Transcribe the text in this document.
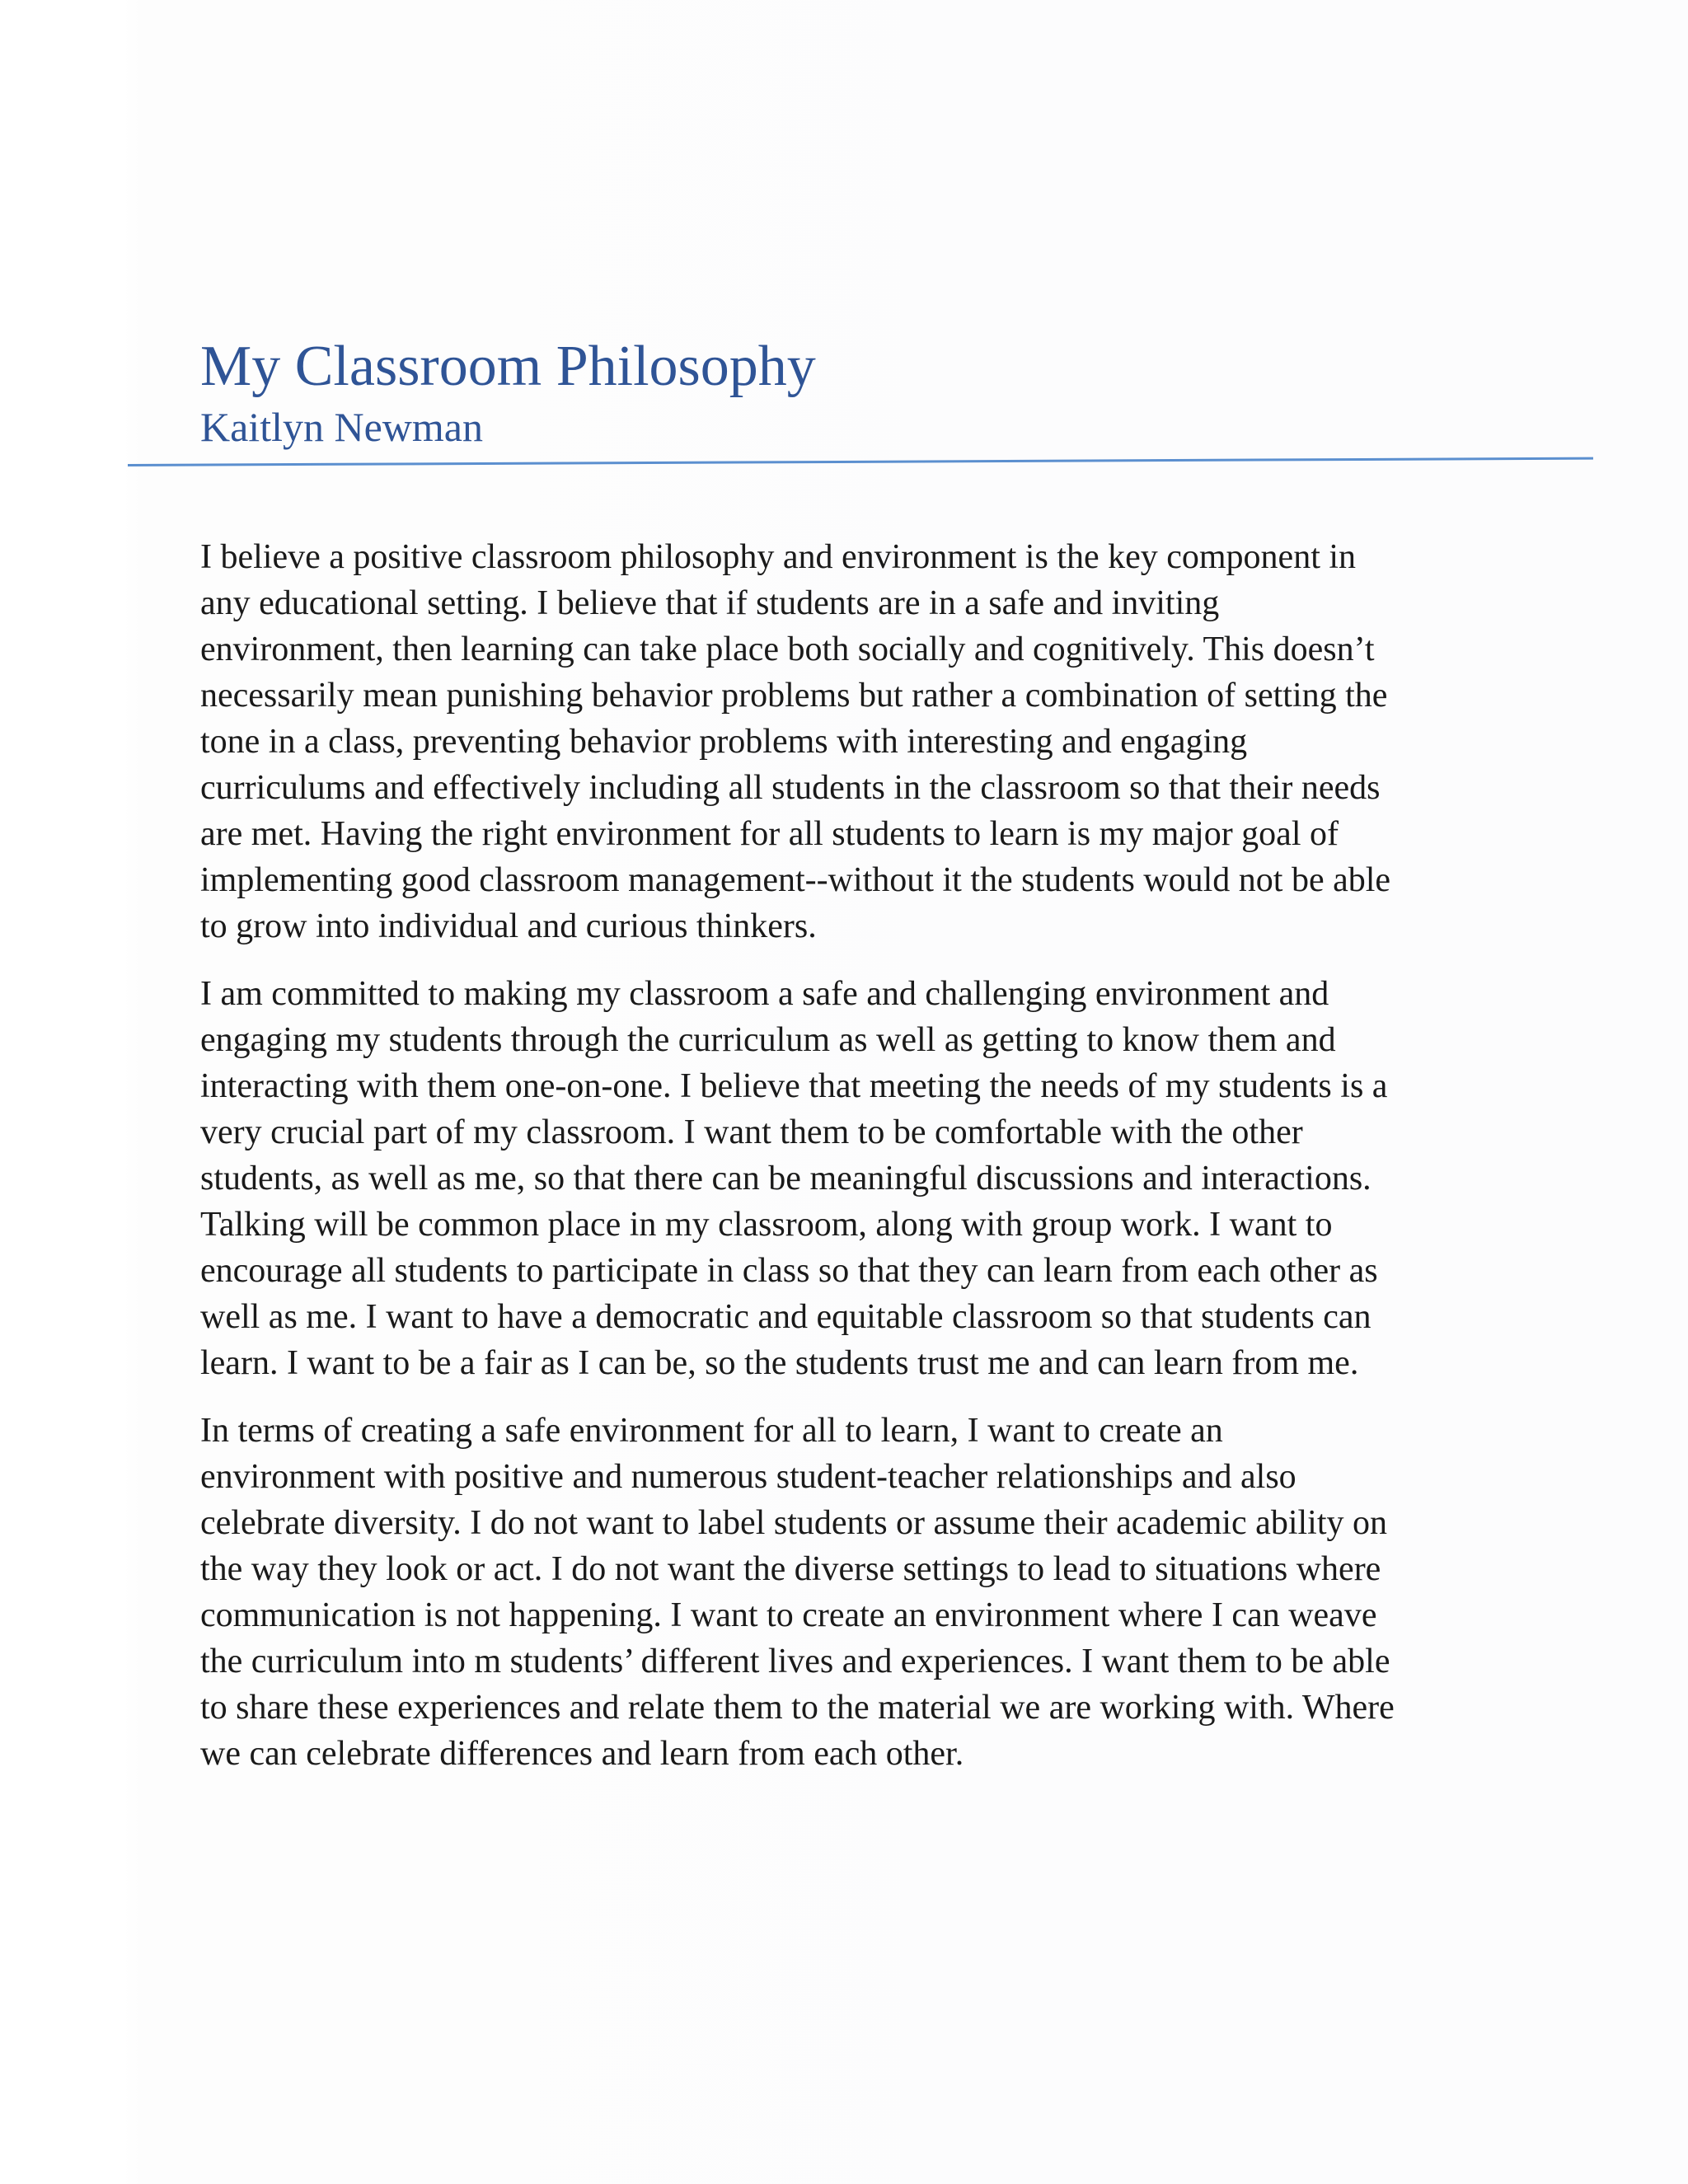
My Classroom Philosophy
Kaitlyn Newman

I believe a positive classroom philosophy and environment is the key component in
any educational setting. I believe that if students are in a safe and inviting
environment, then learning can take place both socially and cognitively. This doesn’t
necessarily mean punishing behavior problems but rather a combination of setting the
tone in a class, preventing behavior problems with interesting and engaging
curriculums and effectively including all students in the classroom so that their needs
are met. Having the right environment for all students to learn is my major goal of
implementing good classroom management--without it the students would not be able
to grow into individual and curious thinkers.

I am committed to making my classroom a safe and challenging environment and
engaging my students through the curriculum as well as getting to know them and
interacting with them one-on-one. I believe that meeting the needs of my students is a
very crucial part of my classroom. I want them to be comfortable with the other
students, as well as me, so that there can be meaningful discussions and interactions.
Talking will be common place in my classroom, along with group work. I want to
encourage all students to participate in class so that they can learn from each other as
well as me. I want to have a democratic and equitable classroom so that students can
learn. I want to be a fair as I can be, so the students trust me and can learn from me.

In terms of creating a safe environment for all to learn, I want to create an
environment with positive and numerous student-teacher relationships and also
celebrate diversity. I do not want to label students or assume their academic ability on
the way they look or act. I do not want the diverse settings to lead to situations where
communication is not happening. I want to create an environment where I can weave
the curriculum into m students’ different lives and experiences. I want them to be able
to share these experiences and relate them to the material we are working with. Where
we can celebrate differences and learn from each other.
